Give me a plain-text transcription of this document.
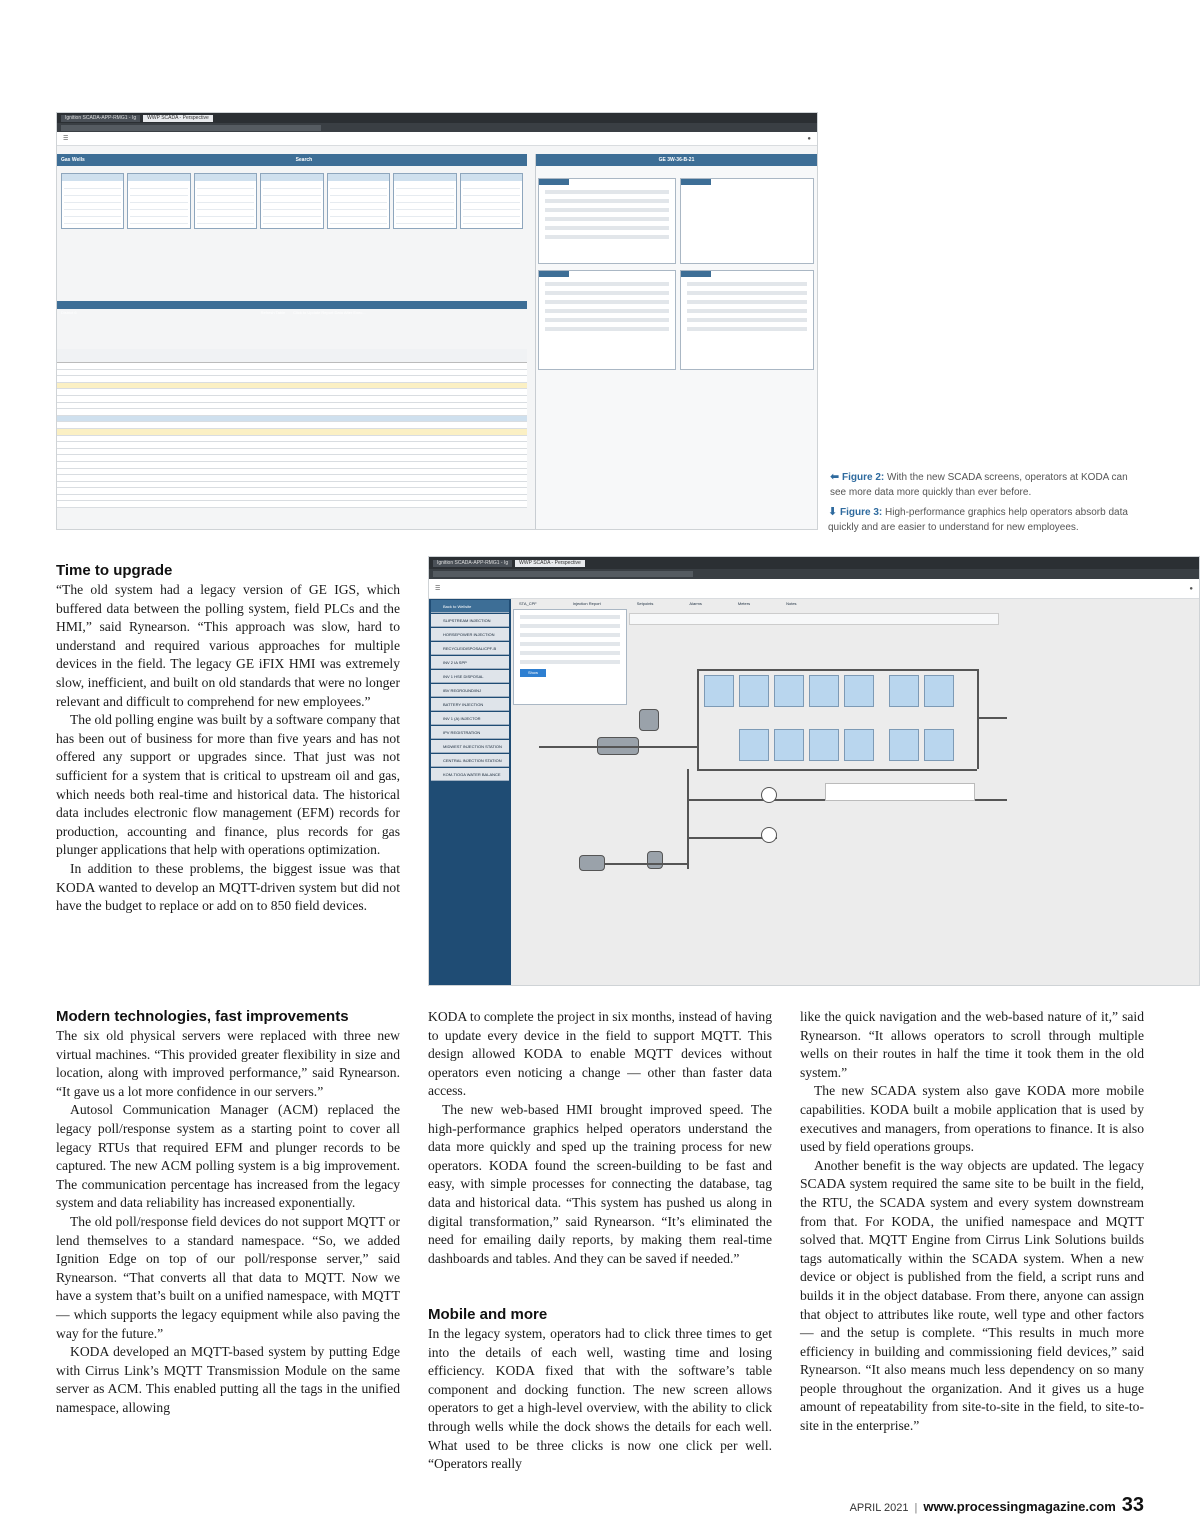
Ignition SCADA-APP-RMG1 - Ig	WWP SCADA - Perspective
☰	●
Gas Wells	Search	GE 3W-36-B-21
District 6	Refresh Table Click to Update Report Data After Exec...
⬅ Figure 2: With the new SCADA screens, operators at KODA can see more data more quickly than ever before.
⬇ Figure 3: High-performance graphics help operators absorb data quickly and are easier to understand for new employees.
Ignition SCADA-APP-RMG1 - Ig	WWP SCADA - Perspective
☰	●
Back to Wellsite
SLIPSTREAM INJECTION
HORSEPOWER INJECTION
RECYCLE/DISPOSAL/CPF-B
INV 2 IA SPP
INV 1 HSE DISPOSAL
IBV REGROUND/INJ
BATTERY INJECTION
INV 1 (A) INJECTOR
IPV REGISTRATION
MIDWEST INJECTION STATION
CENTRAL INJECTION STATION
KOM-TIOGA WATER BALANCE
STA_CPF	Injection Report	Setpoints	Alarms	Meters	Notes
Show
Time to upgrade

“The old system had a legacy version of GE IGS, which buffered data between the polling system, field PLCs and the HMI,” said Rynearson. “This approach was slow, hard to understand and required various approaches for multiple devices in the field. The legacy GE iFIX HMI was extremely slow, inefficient, and built on old standards that were no longer relevant and difficult to comprehend for new employees.”

The old polling engine was built by a software company that has been out of business for more than five years and has not offered any support or upgrades since. That just was not sufficient for a system that is critical to upstream oil and gas, which needs both real-time and historical data. The historical data includes electronic flow management (EFM) records for production, accounting and finance, plus records for gas plunger applications that help with operations optimization.

In addition to these problems, the biggest issue was that KODA wanted to develop an MQTT-driven system but did not have the budget to replace or add on to 850 field devices.

Modern technologies, fast improvements

The six old physical servers were replaced with three new virtual machines. “This provided greater flexibility in size and location, along with improved performance,” said Rynearson. “It gave us a lot more confidence in our servers.”

Autosol Communication Manager (ACM) replaced the legacy poll/response system as a starting point to cover all legacy RTUs that required EFM and plunger records to be captured. The new ACM polling system is a big improvement. The communication percentage has increased from the legacy system and data reliability has increased exponentially.

The old poll/response field devices do not support MQTT or lend themselves to a standard namespace. “So, we added Ignition Edge on top of our poll/response server,” said Rynearson. “That converts all that data to MQTT. Now we have a system that’s built on a unified namespace, with MQTT — which supports the legacy equipment while also paving the way for the future.”

KODA developed an MQTT-based system by putting Edge with Cirrus Link’s MQTT Transmission Module on the same server as ACM. This enabled putting all the tags in the unified namespace, allowing

KODA to complete the project in six months, instead of having to update every device in the field to support MQTT. This design allowed KODA to enable MQTT devices without operators even noticing a change — other than faster data access.

The new web-based HMI brought improved speed. The high-performance graphics helped operators understand the data more quickly and sped up the training process for new operators. KODA found the screen-building to be fast and easy, with simple processes for connecting the database, tag data and historical data. “This system has pushed us along in digital transformation,” said Rynearson. “It’s eliminated the need for emailing daily reports, by making them real-time dashboards and tables. And they can be saved if needed.”

Mobile and more

In the legacy system, operators had to click three times to get into the details of each well, wasting time and losing efficiency. KODA fixed that with the software’s table component and docking function. The new screen allows operators to get a high-level overview, with the ability to click through wells while the dock shows the details for each well. What used to be three clicks is now one click per well. “Operators really

like the quick navigation and the web-based nature of it,” said Rynearson. “It allows operators to scroll through multiple wells on their routes in half the time it took them in the old system.”

The new SCADA system also gave KODA more mobile capabilities. KODA built a mobile application that is used by executives and managers, from operations to finance. It is also used by field operations groups.

Another benefit is the way objects are updated. The legacy SCADA system required the same site to be built in the field, the RTU, the SCADA system and every system downstream from that. For KODA, the unified namespace and MQTT solved that. MQTT Engine from Cirrus Link Solutions builds tags automatically within the SCADA system. When a new device or object is published from the field, a script runs and builds it in the object database. From there, anyone can assign that object to attributes like route, well type and other factors — and the setup is complete. “This results in much more efficiency in building and commissioning field devices,” said Rynearson. “It also means much less dependency on so many people throughout the organization. And it gives us a huge amount of repeatability from site-to-site in the field, to site-to-site in the enterprise.”

APRIL 2021 | www.processingmagazine.com 33
